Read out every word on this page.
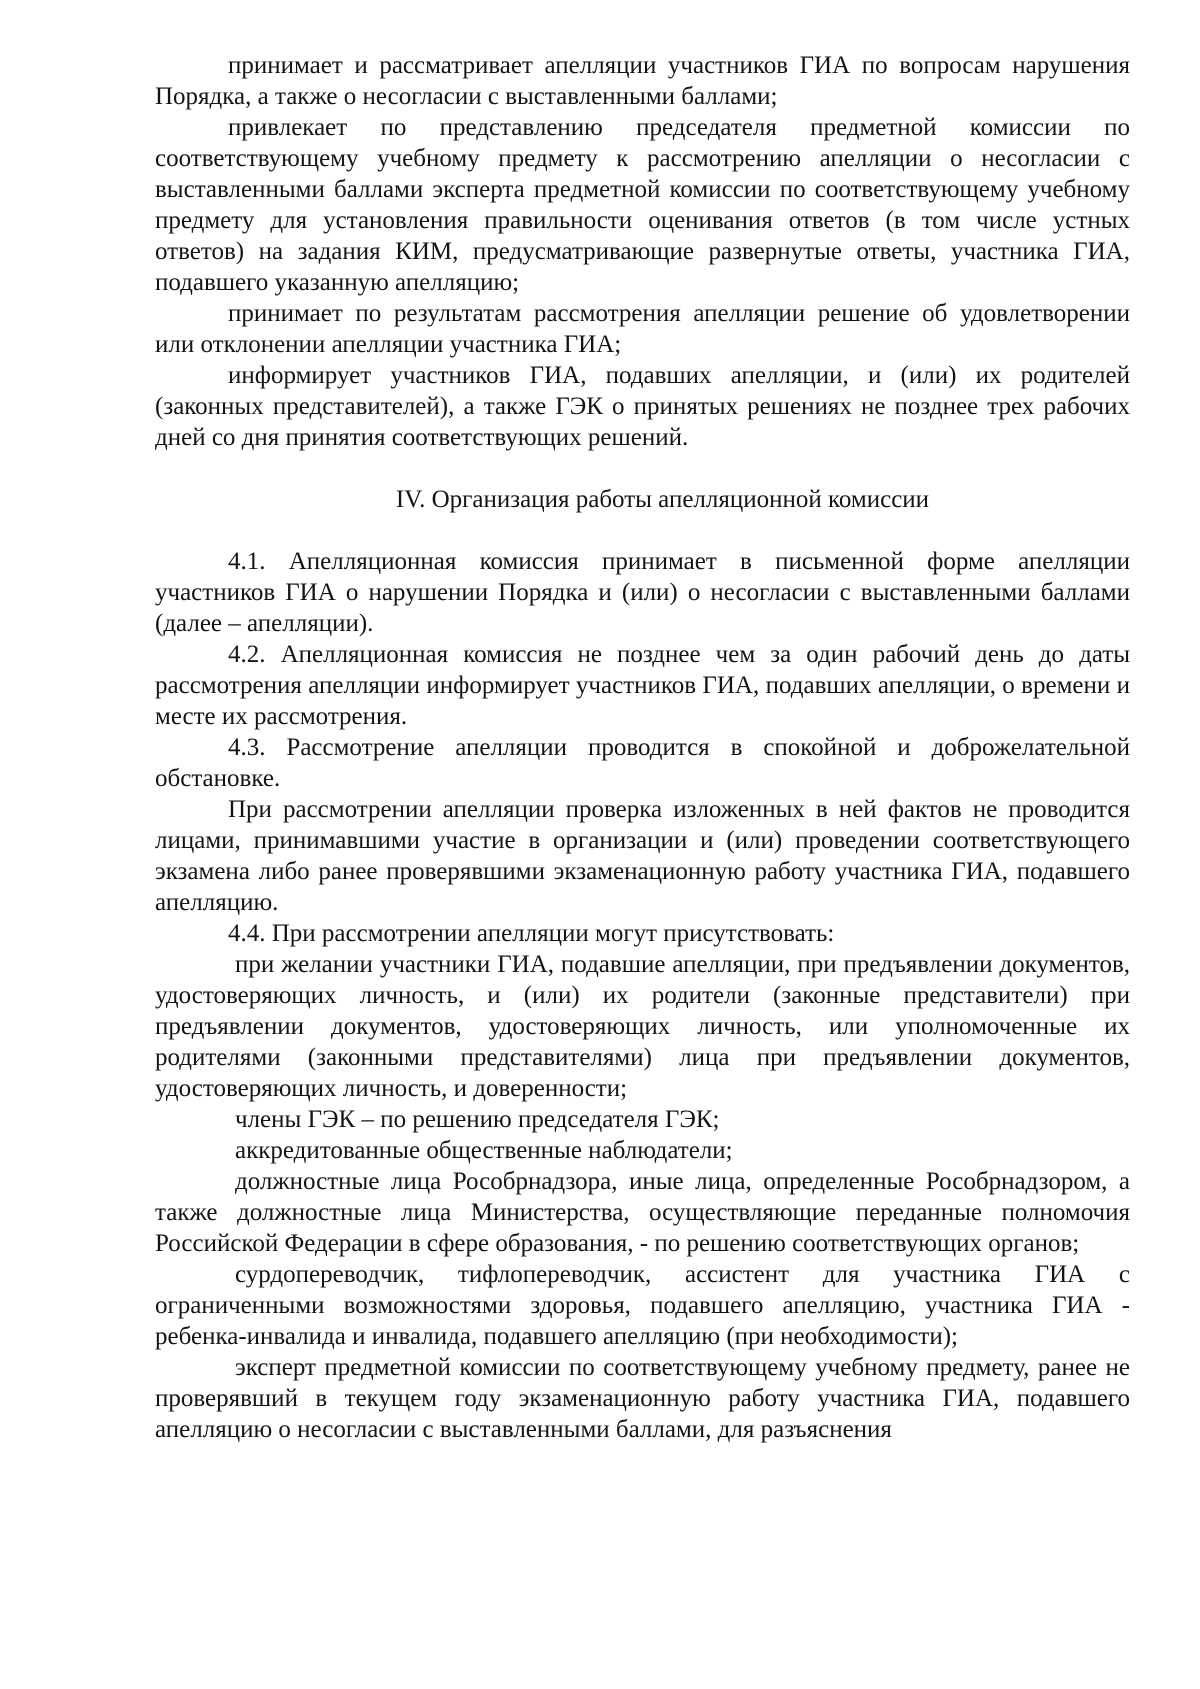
принимает и рассматривает апелляции участников ГИА по вопросам нарушения Порядка, а также о несогласии с выставленными баллами;

привлекает по представлению председателя предметной комиссии по соответствующему учебному предмету к рассмотрению апелляции о несогласии с выставленными баллами эксперта предметной комиссии по соответствующему учебному предмету для установления правильности оценивания ответов (в том числе устных ответов) на задания КИМ, предусматривающие развернутые ответы, участника ГИА, подавшего указанную апелляцию;

принимает по результатам рассмотрения апелляции решение об удовлетворении или отклонении апелляции участника ГИА;

информирует участников ГИА, подавших апелляции, и (или) их родителей (законных представителей), а также ГЭК о принятых решениях не позднее трех рабочих дней со дня принятия соответствующих решений.

IV. Организация работы апелляционной комиссии

4.1. Апелляционная комиссия принимает в письменной форме апелляции участников ГИА о нарушении Порядка и (или) о несогласии с выставленными баллами (далее – апелляции).

4.2. Апелляционная комиссия не позднее чем за один рабочий день до даты рассмотрения апелляции информирует участников ГИА, подавших апелляции, о времени и месте их рассмотрения.

4.3. Рассмотрение апелляции проводится в спокойной и доброжелательной обстановке.

При рассмотрении апелляции проверка изложенных в ней фактов не проводится лицами, принимавшими участие в организации и (или) проведении соответствующего экзамена либо ранее проверявшими экзаменационную работу участника ГИА, подавшего апелляцию.

4.4. При рассмотрении апелляции могут присутствовать:

при желании участники ГИА, подавшие апелляции, при предъявлении документов, удостоверяющих личность, и (или) их родители (законные представители) при предъявлении документов, удостоверяющих личность, или уполномоченные их родителями (законными представителями) лица при предъявлении документов, удостоверяющих личность, и доверенности;

члены ГЭК – по решению председателя ГЭК;

аккредитованные общественные наблюдатели;

должностные лица Рособрнадзора, иные лица, определенные Рособрнадзором, а также должностные лица Министерства, осуществляющие переданные полномочия Российской Федерации в сфере образования, - по решению соответствующих органов;

сурдопереводчик, тифлопереводчик, ассистент для участника ГИА с ограниченными возможностями здоровья, подавшего апелляцию, участника ГИА - ребенка-инвалида и инвалида, подавшего апелляцию (при необходимости);

эксперт предметной комиссии по соответствующему учебному предмету, ранее не проверявший в текущем году экзаменационную работу участника ГИА, подавшего апелляцию о несогласии с выставленными баллами, для разъяснения
